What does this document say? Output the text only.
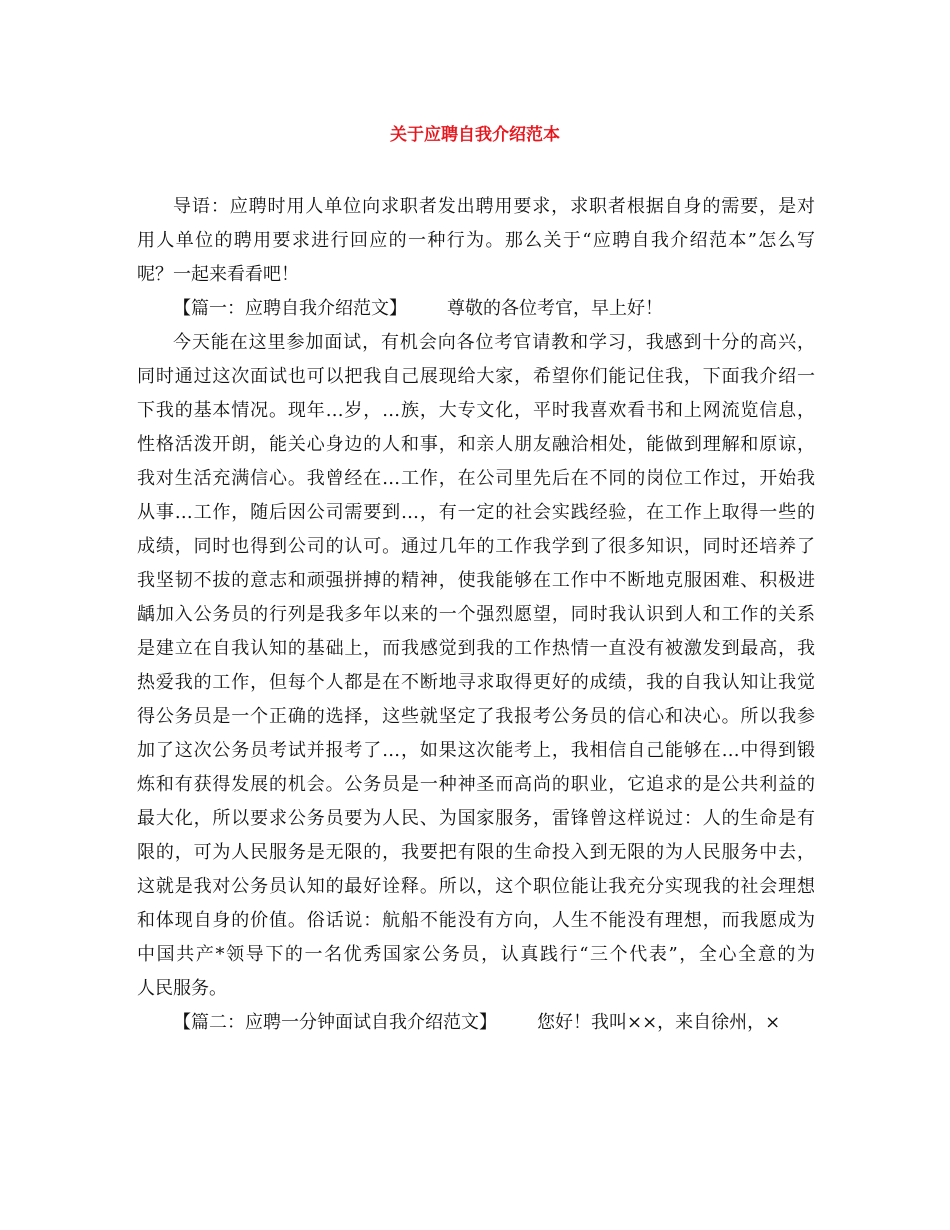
关于应聘自我介绍范本
导语：应聘时用人单位向求职者发出聘用要求，求职者根据自身的需要，是对
用人单位的聘用要求进行回应的一种行为。那么关于“应聘自我介绍范本”怎么写
呢？一起来看看吧！
【篇一：应聘自我介绍范文】 尊敬的各位考官，早上好！
今天能在这里参加面试，有机会向各位考官请教和学习，我感到十分的高兴，
同时通过这次面试也可以把我自己展现给大家，希望你们能记住我，下面我介绍一
下我的基本情况。现年…岁，…族，大专文化，平时我喜欢看书和上网流览信息，
性格活泼开朗，能关心身边的人和事，和亲人朋友融洽相处，能做到理解和原谅，
我对生活充满信心。我曾经在…工作，在公司里先后在不同的岗位工作过，开始我
从事…工作，随后因公司需要到…，有一定的社会实践经验，在工作上取得一些的
成绩，同时也得到公司的认可。通过几年的工作我学到了很多知识，同时还培养了
我坚韧不拔的意志和顽强拼搏的精神，使我能够在工作中不断地克服困难、积极进
龋加入公务员的行列是我多年以来的一个强烈愿望，同时我认识到人和工作的关系
是建立在自我认知的基础上，而我感觉到我的工作热情一直没有被激发到最高，我
热爱我的工作，但每个人都是在不断地寻求取得更好的成绩，我的自我认知让我觉
得公务员是一个正确的选择，这些就坚定了我报考公务员的信心和决心。所以我参
加了这次公务员考试并报考了…，如果这次能考上，我相信自己能够在…中得到锻
炼和有获得发展的机会。公务员是一种神圣而高尚的职业，它追求的是公共利益的
最大化，所以要求公务员要为人民、为国家服务，雷锋曾这样说过：人的生命是有
限的，可为人民服务是无限的，我要把有限的生命投入到无限的为人民服务中去，
这就是我对公务员认知的最好诠释。所以，这个职位能让我充分实现我的社会理想
和体现自身的价值。俗话说：航船不能没有方向，人生不能没有理想，而我愿成为
中国共产*领导下的一名优秀国家公务员，认真践行“三个代表”，全心全意的为
人民服务。
【篇二：应聘一分钟面试自我介绍范文】 您好！我叫××，来自徐州，×
